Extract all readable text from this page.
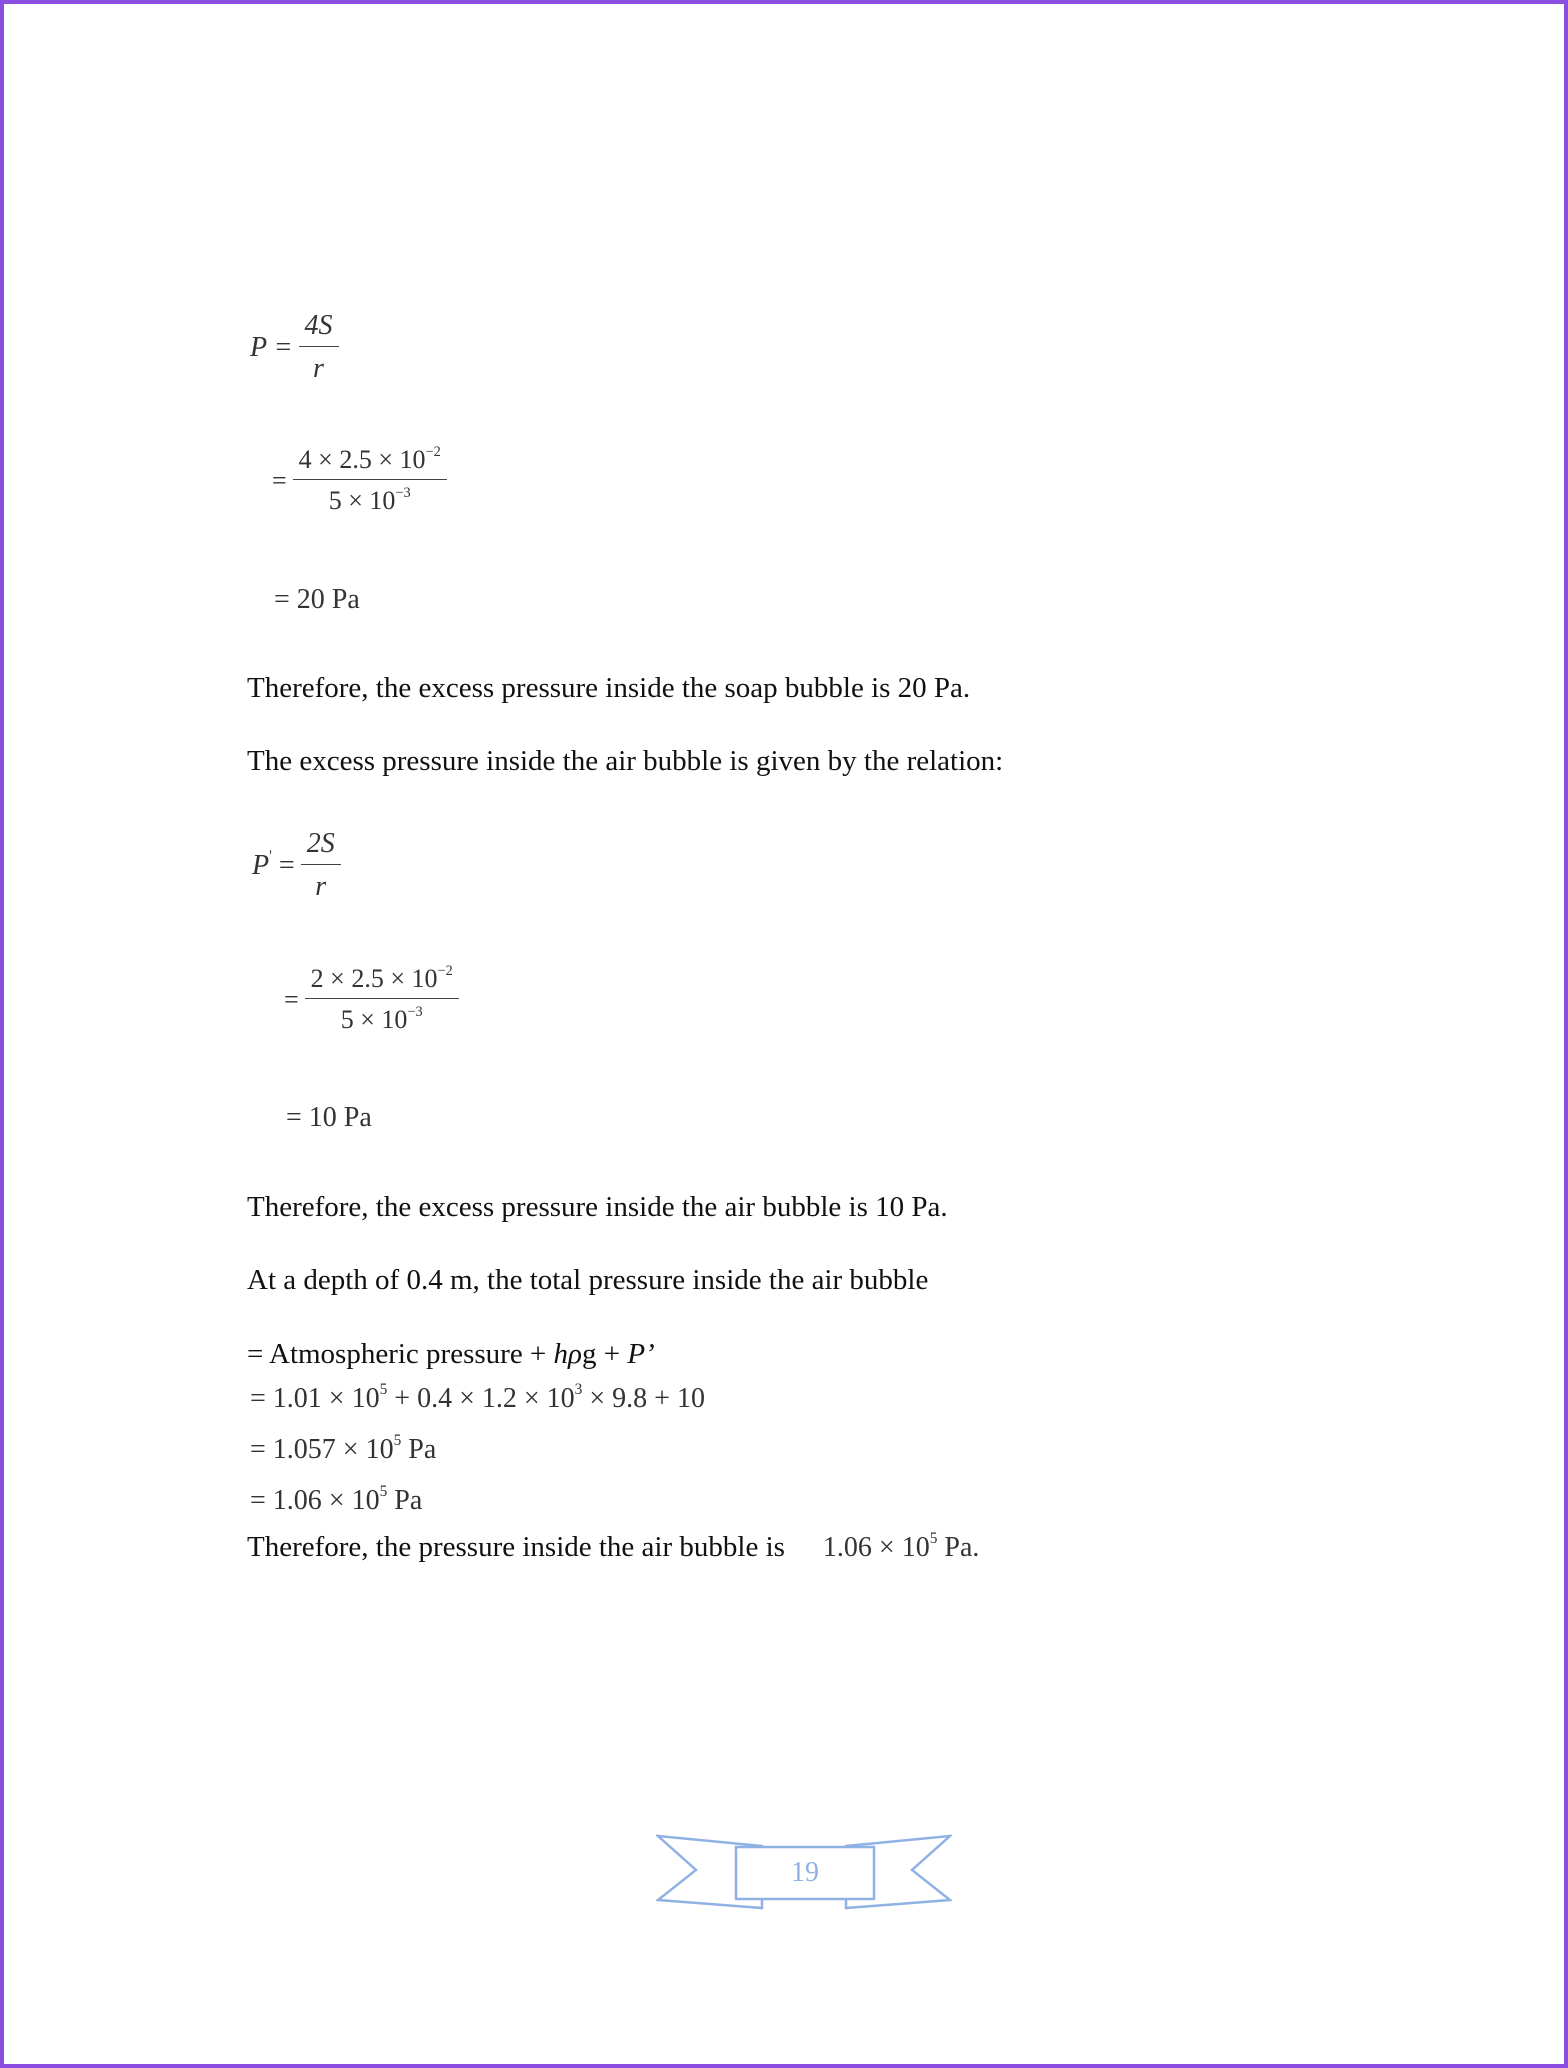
$P = \frac{4S}{r}$
= $\frac{4 \times 2.5 \times 10^{-2}}{5 \times 10^{-3}}$
= 20 Pa
Therefore, the excess pressure inside the soap bubble is 20 Pa.
The excess pressure inside the air bubble is given by the relation:
$P' = \frac{2S}{r}$
= $\frac{2 \times 2.5 \times 10^{-2}}{5 \times 10^{-3}}$
= 10 Pa
Therefore, the excess pressure inside the air bubble is 10 Pa.
At a depth of 0.4 m, the total pressure inside the air bubble
= Atmospheric pressure + hρg + P’
= $1.01 \times 10^5 + 0.4 \times 1.2 \times 10^3 \times 9.8 + 10$
= $1.057 \times 10^5$ Pa
= $1.06 \times 10^5$ Pa
Therefore, the pressure inside the air bubble is $1.06 \times 10^5$ Pa.
19
